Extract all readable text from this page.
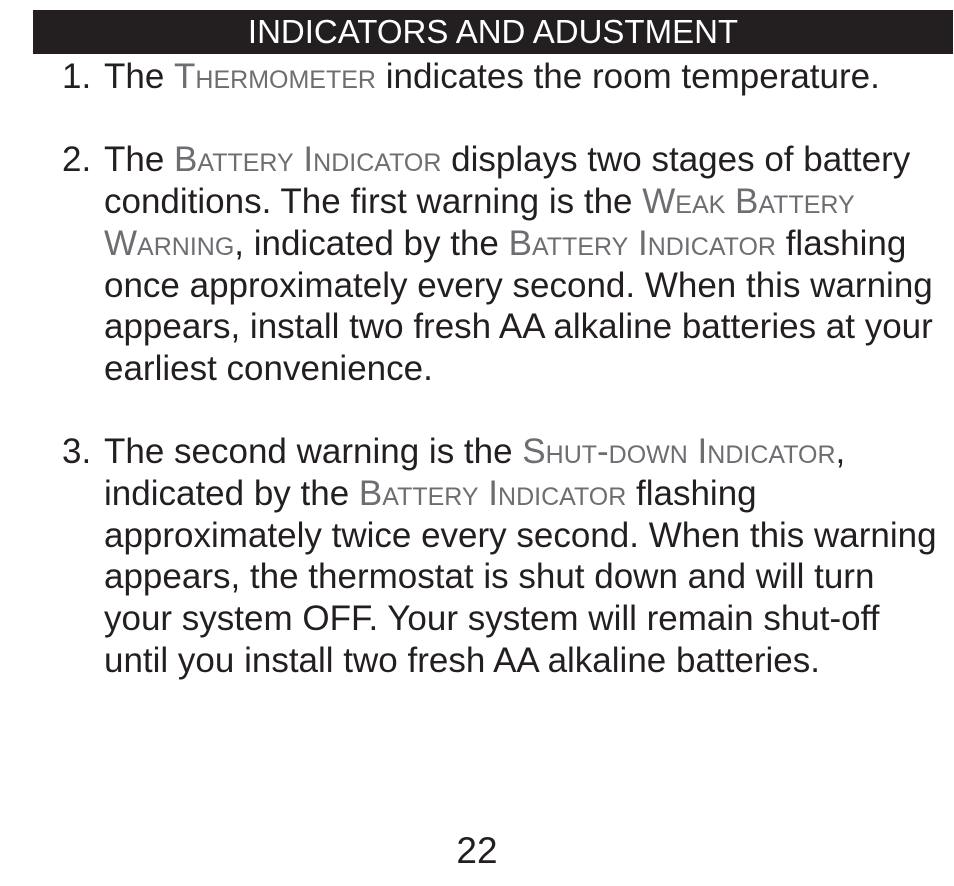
INDICATORS AND ADUSTMENT
1. The Thermometer indicates the room temperature.
2. The Battery Indicator displays two stages of battery conditions. The first warning is the Weak Battery Warning, indicated by the Battery Indicator flashing once approximately every second. When this warning appears, install two fresh AA alkaline batteries at your earliest convenience.
3. The second warning is the Shut-down Indicator, indicated by the Battery Indicator flashing approximately twice every second. When this warning appears, the thermostat is shut down and will turn your system OFF. Your system will remain shut-off until you install two fresh AA alkaline batteries.
22
